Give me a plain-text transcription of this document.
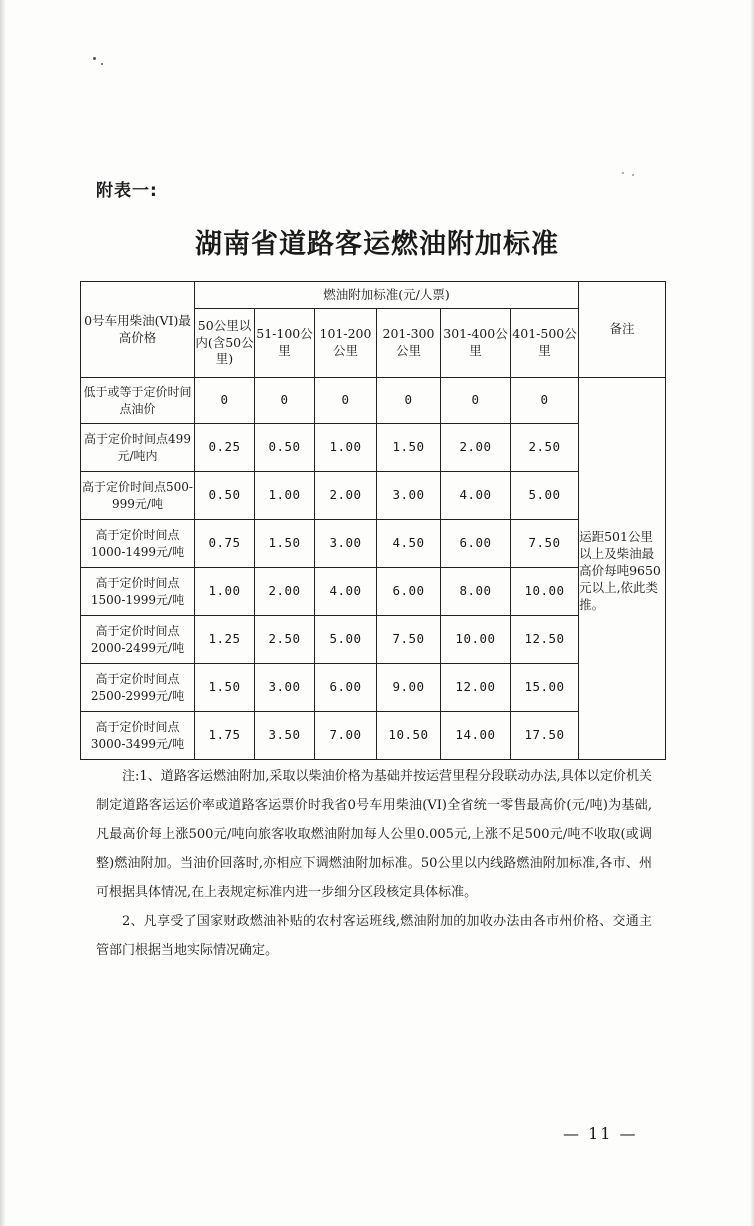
附表一:
湖南省道路客运燃油附加标准
0号车用柴油(VI)最高价格	燃油附加标准(元/人票)						备注
	50公里以内(含50公里)	51-100公里	101-200公里	201-300公里	301-400公里	401-500公里	
低于或等于定价时间点油价	0	0	0	0	0	0	运距501公里以上及柴油最高价每吨9650元以上,依此类推。

高于定价时间点499元/吨内	0.25	0.50	1.00	1.50	2.00	2.50	
高于定价时间点500-999元/吨	0.50	1.00	2.00	3.00	4.00	5.00	
高于定价时间点1000-1499元/吨	0.75	1.50	3.00	4.50	6.00	7.50	
高于定价时间点1500-1999元/吨	1.00	2.00	4.00	6.00	8.00	10.00	
高于定价时间点2000-2499元/吨	1.25	2.50	5.00	7.50	10.00	12.50	
高于定价时间点2500-2999元/吨	1.50	3.00	6.00	9.00	12.00	15.00	
高于定价时间点3000-3499元/吨	1.75	3.50	7.00	10.50	14.00	17.50	

注:1、道路客运燃油附加,采取以柴油价格为基础并按运营里程分段联动办法,具体以定价机关制定道路客运运价率或道路客运票价时我省0号车用柴油(VI)全省统一零售最高价(元/吨)为基础,凡最高价每上涨500元/吨向旅客收取燃油附加每人公里0.005元,上涨不足500元/吨不收取(或调整)燃油附加。当油价回落时,亦相应下调燃油附加标准。50公里以内线路燃油附加标准,各市、州可根据具体情况,在上表规定标准内进一步细分区段核定具体标准。

2、凡享受了国家财政燃油补贴的农村客运班线,燃油附加的加收办法由各市州价格、交通主管部门根据当地实际情况确定。

— 11 —
